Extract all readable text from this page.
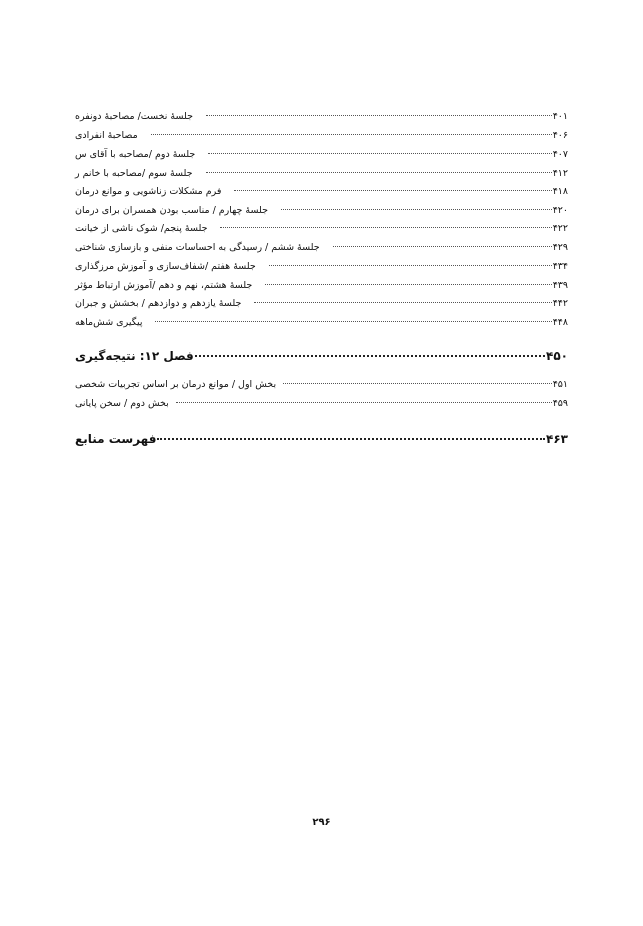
جلسهٔ نخست/ مصاحبهٔ دونفره	۴۰۱
مصاحبهٔ انفرادی	۴۰۶
جلسهٔ دوم /مصاحبه با آقای س	۴۰۷
جلسهٔ سوم /مصاحبه با خانم ر	۴۱۲
فرم مشکلات زناشویی و موانع درمان	۴۱۸
جلسهٔ چهارم / مناسب بودن همسران برای درمان	۴۲۰
جلسهٔ پنجم/ شوک ناشی از خیانت	۴۲۲
جلسهٔ ششم / رسیدگی به احساسات منفی و بازسازی شناختی	۴۲۹
جلسهٔ هفتم /شفاف‌سازی و آموزش مرزگذاری	۴۳۴
جلسهٔ هشتم، نهم و دهم /آموزش ارتباط مؤثر	۴۳۹
جلسهٔ یازدهم و دوازدهم / بخشش و جبران	۴۴۲
پیگیری شش‌ماهه	۴۴۸
فصل ۱۲: نتیجه‌گیری	۴۵۰
بخش اول / موانع درمان بر اساس تجربیات شخصی	۴۵۱
بخش دوم / سخن پایانی	۴۵۹
فهرست منابع	۴۶۳
۲۹۶
